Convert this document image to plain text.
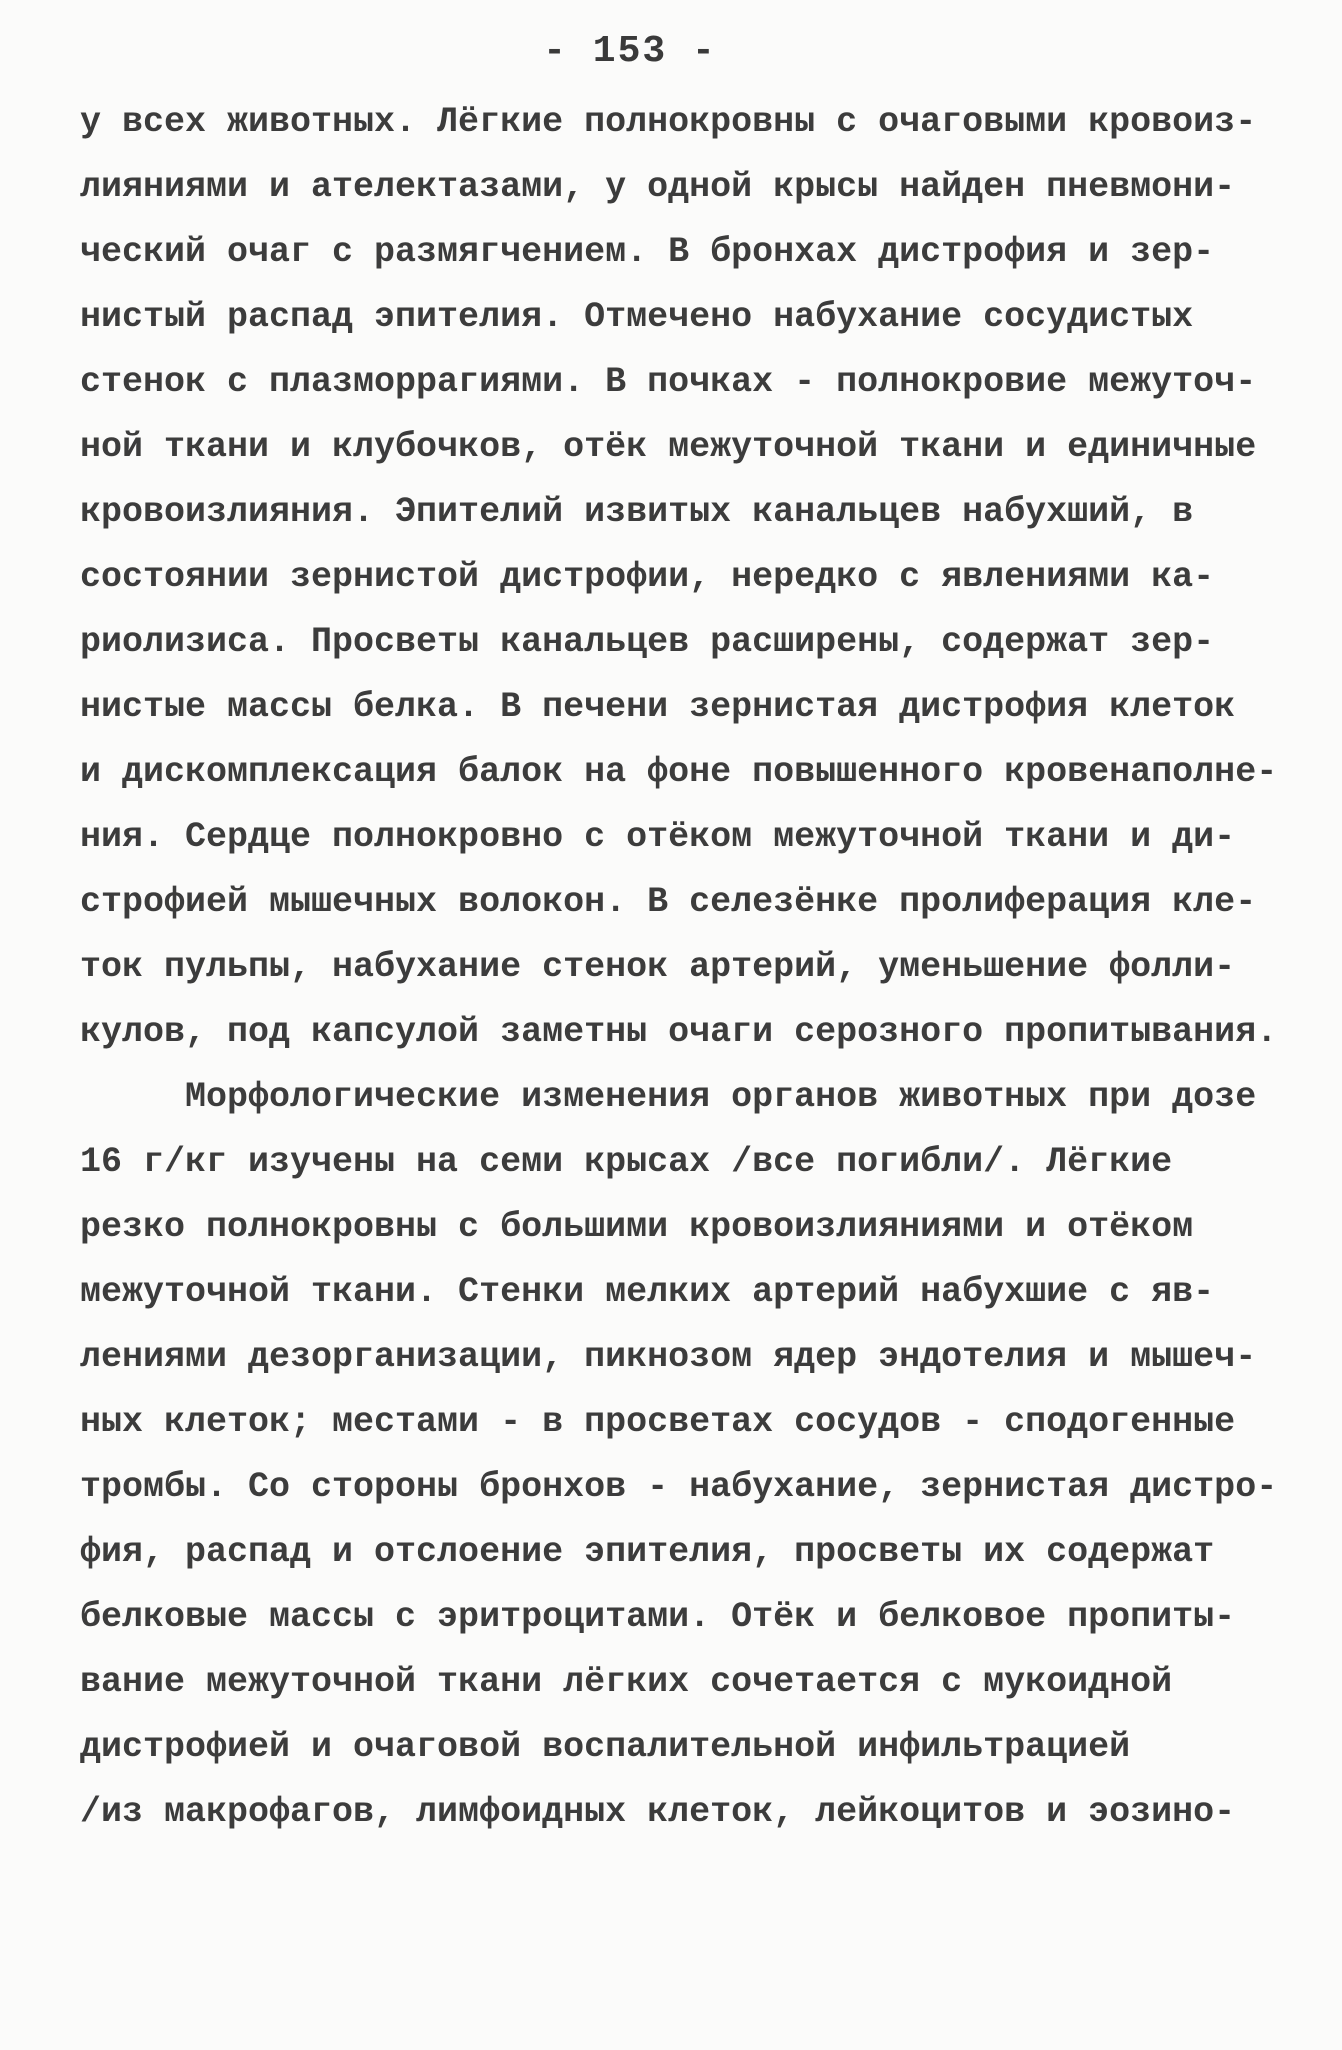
- 153 -
у всех животных. Лёгкие полнокровны с очаговыми кровоиз-
лияниями и ателектазами, у одной крысы найден пневмони-
ческий очаг с размягчением. В бронхах дистрофия и зер-
нистый распад эпителия. Отмечено набухание сосудистых
стенок с плазморрагиями. В почках - полнокровие межуточ-
ной ткани и клубочков, отёк межуточной ткани и единичные
кровоизлияния. Эпителий извитых канальцев набухший, в
состоянии зернистой дистрофии, нередко с явлениями ка-
риолизиса. Просветы канальцев расширены, содержат зер-
нистые массы белка. В печени зернистая дистрофия клеток
и дискомплексация балок на фоне повышенного кровенаполне-
ния. Сердце полнокровно с отёком межуточной ткани и ди-
строфией мышечных волокон. В селезёнке пролиферация кле-
ток пульпы, набухание стенок артерий, уменьшение фолли-
кулов, под капсулой заметны очаги серозного пропитывания.
Морфологические изменения органов животных при дозе
16 г/кг изучены на семи крысах /все погибли/. Лёгкие
резко полнокровны с большими кровоизлияниями и отёком
межуточной ткани. Стенки мелких артерий набухшие с яв-
лениями дезорганизации, пикнозом ядер эндотелия и мышеч-
ных клеток; местами - в просветах сосудов - сподогенные
тромбы. Со стороны бронхов - набухание, зернистая дистро-
фия, распад и отслоение эпителия, просветы их содержат
белковые массы с эритроцитами. Отёк и белковое пропиты-
вание межуточной ткани лёгких сочетается с мукоидной
дистрофией и очаговой воспалительной инфильтрацией
/из макрофагов, лимфоидных клеток, лейкоцитов и эозино-
